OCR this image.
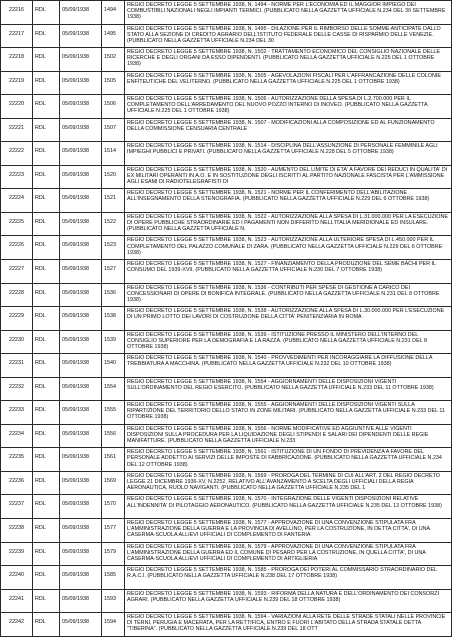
22216	RDL	05/09/1938	1494	REGIO DECRETO LEGGE 5 SETTEMBRE 1938, N. 1494 - NORME PER L'ECONOMIA ED IL MAGGIOR IMPIEGO DEI COMBUSTIBILI NAZIONALI NEGLI IMPIANTI TERMICI. (PUBBLICATO NELLA GAZZETTA UFFICIALE N.234 DEL 30 SETTEMBRE 1938)
22217	RDL	05/09/1938	1495	REGIO DECRETO LEGGE 5 SETTEMBRE 1938, N. 1495 - DILAZIONE PER IL RIMBORSO DELLE SOMME ANTICIPATE DALLO STATO ALLA SEZIONE DI CREDITO AGRARIO DELL'ISTITUTO FEDERALE DELLE CASSE DI RISPARMIO DELLE VENEZIE. (PUBBLICATO NELLA GAZZETTA UFFICIALE N.234 DEL 30
22218	RDL	05/09/1938	1502	REGIO DECRETO LEGGE 5 SETTEMBRE 1938, N. 1502 - TRATTAMENTO ECONOMICO DEL CONSIGLIO NAZIONALE DELLE RICERCHE E DEGLI ORGANI DA ESSO DIPENDENTI. (PUBBLICATO NELLA GAZZETTA UFFICIALE N.225 DEL 1 OTTOBRE 1938)
22219	RDL	05/09/1938	1505	REGIO DECRETO LEGGE 5 SETTEMBRE 1938, N. 1505 - AGEVOLAZIONI FISCALI PER L'AFFRANCAZIONE DELLE COLONIE ENFITEUTICHE DEL VELITERNO. (PUBBLICATO NELLA GAZZETTA UFFICIALE N.225 DEL 1 OTTOBRE 1938)
22220	RDL	05/09/1938	1506	REGIO DECRETO LEGGE 5 SETTEMBRE 1938, N. 1506 - AUTORIZZAZIONE DELLA SPESA DI L.2.700.000 PER IL COMPLETAMENTO DELL'ARREDAMENTO DEL NUOVO POZZO INTERNO DI INOVEO. (PUBBLICATO NELLA GAZZETTA UFFICIALE N.225 DEL 1 OTTOBRE 1938)
22221	RDL	05/09/1938	1507	REGIO DECRETO LEGGE 5 SETTEMBRE 1938, N. 1507 - MODIFICAZIONI ALLA COMPOSIZIONE ED AL FUNZIONAMENTO DELLA COMMISSIONE CENSUARIA CENTRALE
22222	RDL	05/09/1938	1514	REGIO DECRETO LEGGE 5 SETTEMBRE 1938, N. 1514 - DISCIPLINA DELL'ASSUNZIONE DI PERSONALE FEMMINILE AGLI IMPIEGHI PUBBLICI E PRIVATI. (PUBBLICATO NELLA GAZZETTA UFFICIALE N.228 DEL 5 OTTOBRE 1938)
22223	RDL	05/09/1938	1520	REGIO DECRETO LEGGE 5 SETTEMBRE 1938, N. 1520 - AUMENTO DEL LIMITE DI ETA' A FAVORE DEI REDUCI IN QUALITA' DI EX MILITARI OPERANTI IN A.O. E IN SOSTITUZIONE DEGLI ISCRITTI AL PARTITO NAZIONALE FASCISTA PER L'AMMISSIONE AGLI ESAMI DI RADIOTELEGRAFISTI DI
22224	RDL	05/09/1938	1521	REGIO DECRETO LEGGE 5 SETTEMBRE 1938, N. 1521 - NORME PER IL CONFERIMENTO DELL'ABILITAZIONE ALL'INSEGNAMENTO DELLA STENOGRAFIA. (PUBBLICATO NELLA GAZZETTA UFFICIALE N.229 DEL 6 OTTOBRE 1938)
22225	RDL	05/09/1938	1522	REGIO DECRETO LEGGE 5 SETTEMBRE 1938, N. 1522 - AUTORIZZAZIONE ALLA SPESA DI L.31.000.000 PER LA ESECUZIONE DI OPERE PUBBLICHE STRAORDINARIE ED I PAGAMENTI NON DIFFERITO NELL'ITALIA MERIDIONALE ED INSULARE. (PUBBLICATO NELLA GAZZETTA UFFICIALE N.
22226	RDL	05/09/1938	1523	REGIO DECRETO LEGGE 5 SETTEMBRE 1938, N. 1523 - AUTORIZZAZIONE ALLA ULTERIORE SPESA DI L.450.000 PER IL COMPLETAMENTO DEL PALAZZO COMUNALE DI ZARA. (PUBBLICATO NELLA GAZZETTA UFFICIALE N.229 DEL 6 OTTOBRE 1938)
22227	RDL	05/09/1938	1527	REGIO DECRETO LEGGE 5 SETTEMBRE 1938, N. 1527 - FINANZIAMENTO DELLA PRODUZIONE DEL SEME BACHI PER IL CONSUMO DEL 1939-XVII. (PUBBLICATO NELLA GAZZETTA UFFICIALE N.230 DEL 7 OTTOBRE 1938)
22228	RDL	05/09/1938	1536	REGIO DECRETO LEGGE 5 SETTEMBRE 1938, N. 1536 - CONTRIBUTI PER SPESE DI GESTIONE A CARICO DEI CONCESSIONARI DI OPERE DI BONIFICA INTEGRALE. (PUBBLICATO NELLA GAZZETTA UFFICIALE N.231 DEL 8 OTTOBRE 1938)
22229	RDL	05/09/1938	1538	REGIO DECRETO LEGGE 5 SETTEMBRE 1938, N. 1538 - AUTORIZZAZIONE ALLA SPESA DI L.30.000.000 PER L'ESECUZIONE DI UN PRIMO LOTTO DEI LAVORI DI COSTRUZIONE DELLA CITTA' PENITENZIARIA IN ROMA
22230	RDL	05/09/1938	1539	REGIO DECRETO LEGGE 5 SETTEMBRE 1938, N. 1539 - ISTITUZIONE PRESSO IL MINISTERO DELL'INTERNO DEL CONSIGLIO SUPERIORE PER LA DEMOGRAFIA E LA RAZZA. (PUBBLICATO NELLA GAZZETTA UFFICIALE N.231 DEL 8 OTTOBRE 1938)
22231	RDL	05/09/1938	1540	REGIO DECRETO LEGGE 5 SETTEMBRE 1938, N. 1540 - PROVVEDIMENTI PER INCORAGGIARE LA DIFFUSIONE DELLA TREBBIATURA A MACCHINA. (PUBBLICATO NELLA GAZZETTA UFFICIALE N.232 DEL 10 OTTOBRE 1938)
22232	RDL	05/09/1938	1554	REGIO DECRETO LEGGE 5 SETTEMBRE 1938, N. 1554 - AGGIORNAMENTI DELLE DISPOSIZIONI VIGENTI SULL'ORDINAMENTO DEL REGIO ESERCITO. (PUBBLICATO NELLA GAZZETTA UFFICIALE N.233 DEL 11 OTTOBRE 1938)
22233	RDL	05/09/1938	1555	REGIO DECRETO LEGGE 5 SETTEMBRE 1938, N. 1555 - AGGIORNAMENTI DELLE DISPOSIZIONI VIGENTI SULLA RIPARTIZIONE DEL TERRITORIO DELLO STATO IN ZONE MILITARI. (PUBBLICATO NELLA GAZZETTA UFFICIALE N.233 DEL 11 OTTOBRE 1938)
22234	RDL	05/09/1938	1556	REGIO DECRETO LEGGE 5 SETTEMBRE 1938, N. 1556 - NORME MODIFICATIVE ED AGGIUNTIVE ALLE VIGENTI DISPOSIZIONI SULLA PROCEDURA PER LA LIQUIDAZIONE DEGLI STIPENDI E SALARI DEI DIPENDENTI DELLE REGIE MANIFATTURE. (PUBBLICATO NELLA GAZZETTA UFFICIALE N.233
22235	RDL	05/09/1938	1561	REGIO DECRETO LEGGE 5 SETTEMBRE 1938, N. 1561 - ISTITUZIONE DI UN FONDO DI PREVIDENZA A FAVORE DEL PERSONALE ADDETTO AI SERVIZI DELLE IMPOSTE DI FABBRICAZIONE. (PUBBLICATO NELLA GAZZETTA UFFICIALE N.234 DEL 12 OTTOBRE 1938)
22236	RDL	05/09/1938	1569	REGIO DECRETO LEGGE 5 SETTEMBRE 1938, N. 1569 - PROROGA DEL TERMINE DI CUI ALL'ART. 2 DEL REGIO DECRETO LEGGE 21 DICEMBRE 1936-XV, N.2252, RELATIVO ALL'AVANZAMENTO A SCELTA DEGLI UFFICIALI DELLA REGIA AERONAUTICA, RUOLO NAVIGANTI. (PUBBLICATO NELLA GAZZETTA UFFICIALE N.235 DEL 1
22237	RDL	05/09/1938	1570	REGIO DECRETO LEGGE 5 SETTEMBRE 1938, N. 1570 - INTEGRAZIONE DELLE VIGENTI DISPOSIZIONI RELATIVE ALL'INDENNITA' DI PILOTAGGIO AERONAUTICO. (PUBBLICATO NELLA GAZZETTA UFFICIALE N.235 DEL 13 OTTOBRE 1938)
22238	RDL	05/09/1938	1577	REGIO DECRETO LEGGE 5 SETTEMBRE 1938, N. 1577 - APPROVAZIONE DI UNA CONVENZIONE STIPULATA FRA L'AMMINISTRAZIONE DELLA GUERRA E LA PROVINCIA DI AVELLINO, PER LA COSTRUZIONE, IN DETTA CITTA', DI UNA CASERMA-SCUOLA ALLIEVI UFFICIALI DI COMPLEMENTO DI FANTERIA
22239	RDL	05/09/1938	1579	REGIO DECRETO LEGGE 5 SETTEMBRE 1938, N. 1579 - APPROVAZIONE DI UNA CONVENZIONE STIPULATA FRA L'AMMINISTRAZIONE DELLA GUERRA ED IL COMUNE DI PESARO PER LA COSTRUZIONE, IN QUELLA CITTA', DI UNA CASERMA-SCUOLA ALLIEVI UFFICIALI DI COMPLEMENTO DI ARTIGLIERIA
22240	RDL	05/09/1938	1585	REGIO DECRETO LEGGE 5 SETTEMBRE 1938, N. 1585 - PROROGA DEI POTERI AL COMMISSARIO STRAORDINARIO DEL R.A.C.I. (PUBBLICATO NELLA GAZZETTA UFFICIALE N.238 DEL 17 OTTOBRE 1938)
22241	RDL	05/09/1938	1593	REGIO DECRETO LEGGE 5 SETTEMBRE 1938, N. 1593 - RIFORMA DELLA NATURA E DELL'ORDINAMENTO DEI CONSORZI AGRARI. (PUBBLICATO NELLA GAZZETTA UFFICIALE N.239 DEL 18 OTTOBRE 1938)
22242	RDL	05/09/1938	1594	REGIO DECRETO LEGGE 5 SETTEMBRE 1938, N. 1594 - VARIAZIONI ALLA RETE DELLE STRADE STATALI NELLE PROVINCIE DI TERNI, PERUGIA E MACERATA, PER LA RETTIFICA, ENTRO E FUORI L'ABITATO DELLA STRADA STATALE DETTA "TIBERINA". (PUBBLICATO NELLA GAZZETTA UFFICIALE N.239 DEL 18 OTT
